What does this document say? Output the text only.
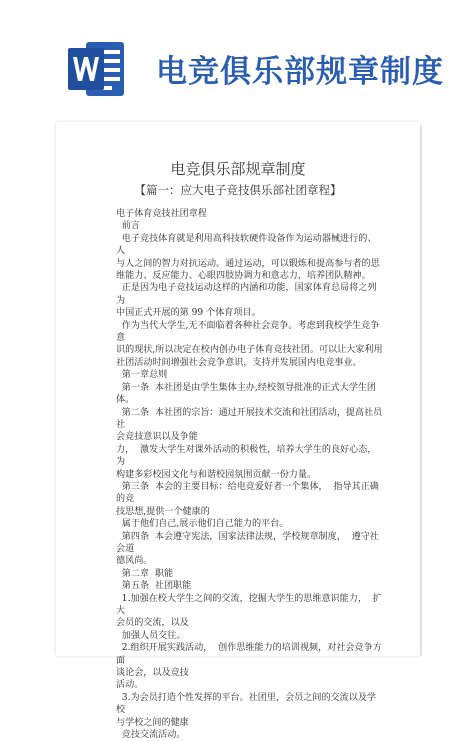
电竞俱乐部规章制度
电竞俱乐部规章制度
【篇一：应大电子竞技俱乐部社团章程】

电子体育竞技社团章程

前言

电子竞技体育就是利用高科技软硬件设备作为运动器械进行的、人

与人之间的智力对抗运动。通过运动，可以锻炼和提高参与者的思

维能力、反应能力、心眼四肢协调力和意志力，培养团队精神。

正是因为电子竞技运动这样的内涵和功能，国家体育总局将之列为

中国正式开展的第 99 个体育项目。

作为当代大学生,无不面临着各种社会竞争。考虑到我校学生竞争意

识的现状,所以决定在校内创办电子体育竞技社团。可以让大家利用

社团活动时间增强社会竞争意识，支持并发展国内电竞事业。

第一章总则

第一条  本社团是由学生集体主办,经校领导批准的正式大学生团体。

第二条  本社团的宗旨：通过开展技术交流和社团活动，提高社员社

会竞技意识以及争能

力，  激发大学生对课外活动的积极性，培养大学生的良好心态，为

构建多彩校园文化与和谐校园氛围贡献一份力量。

第三条  本会的主要目标：给电竞爱好者一个集体，  指导其正确的竞

技思想,提供一个健康的

属于他们自己,展示他们自己能力的平台。

第四条  本会遵守宪法，国家法律法规，学校规章制度，  遵守社会道

德风尚。

第二章  职能

第五条  社团职能

1.加强在校大学生之间的交流，挖掘大学生的思维意识能力，  扩大

会员的交流，以及

加强人员交往。

2.组织开展实践活动，  创作思维能力的培训视频，对社会竞争方面

谈论会，以及竞技

活动。

3.为会员打造个性发挥的平台。社团里，会员之间的交流以及学校

与学校之间的健康

竞技交流活动。
